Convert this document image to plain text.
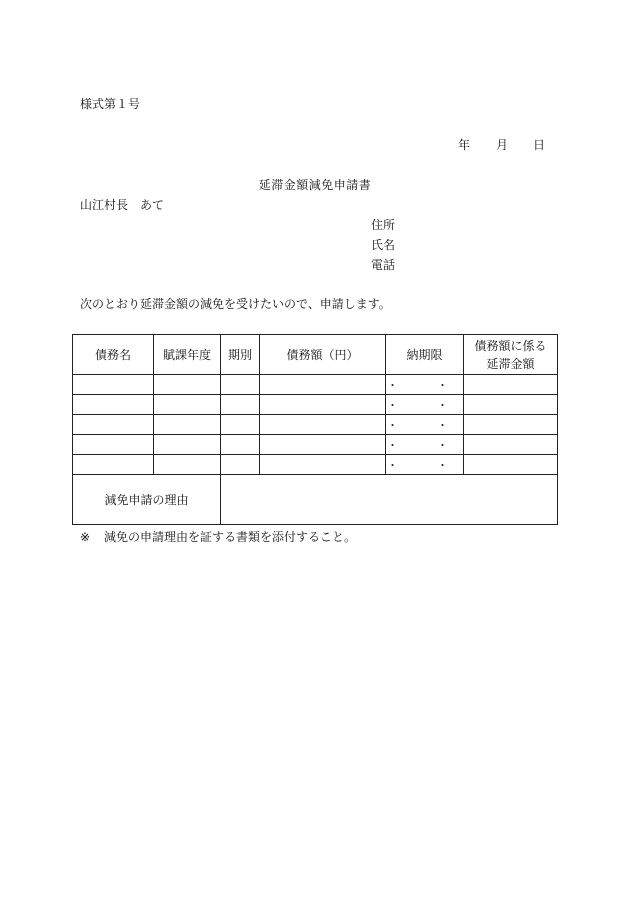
様式第１号
年 月 日
延滞金額減免申請書
山江村長　あて
住所
氏名
電話
次のとおり延滞金額の減免を受けたいので、申請します。
債務名	賦課年度	期別	債務額（円）	納期限	債務額に係る
延滞金額
				・　・	
				・　・	
				・　・	
				・　・	
				・　・	
減免申請の理由					
※ 減免の申請理由を証する書類を添付すること。
